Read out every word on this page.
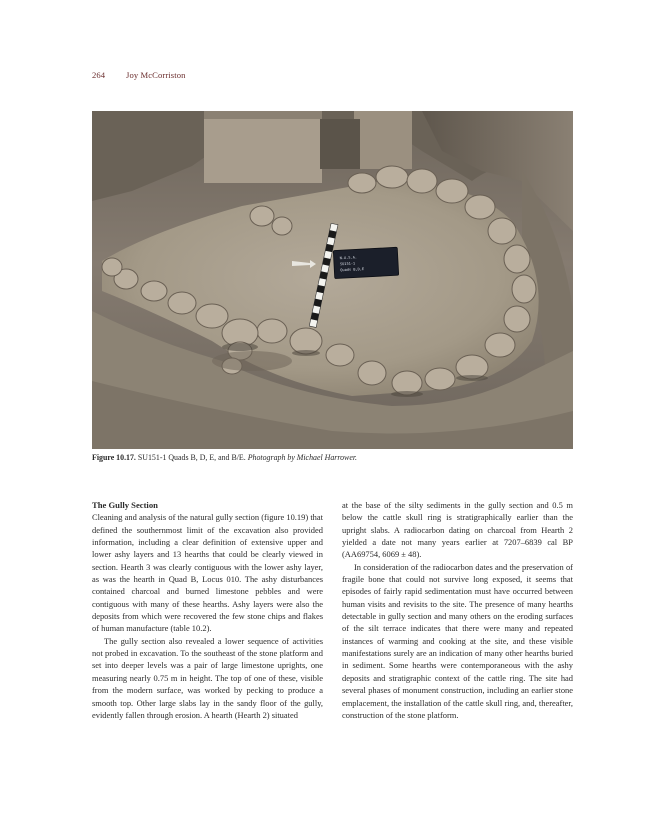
264 Joy McCorriston
N.A.S.A.
SU151-1
Quads B,D,E
Figure 10.17. SU151-1 Quads B, D, E, and B/E. Photograph by Michael Harrower.

The Gully Section

Cleaning and analysis of the natural gully section (figure 10.19) that defined the southernmost limit of the excavation also provided information, including a clear definition of extensive upper and lower ashy layers and 13 hearths that could be clearly viewed in section. Hearth 3 was clearly contiguous with the lower ashy layer, as was the hearth in Quad B, Locus 010. The ashy disturbances contained charcoal and burned limestone pebbles and were contiguous with many of these hearths. Ashy layers were also the deposits from which were recovered the few stone chips and flakes of human manufacture (table 10.2).

The gully section also revealed a lower sequence of activities not probed in excavation. To the southeast of the stone platform and set into deeper levels was a pair of large limestone uprights, one measuring nearly 0.75 m in height. The top of one of these, visible from the modern surface, was worked by pecking to produce a smooth top. Other large slabs lay in the sandy floor of the gully, evidently fallen through erosion. A hearth (Hearth 2) situated

at the base of the silty sediments in the gully section and 0.5 m below the cattle skull ring is stratigraphically earlier than the upright slabs. A radiocarbon dating on charcoal from Hearth 2 yielded a date not many years earlier at 7207–6839 cal BP (AA69754, 6069 ± 48).

In consideration of the radiocarbon dates and the preservation of fragile bone that could not survive long exposed, it seems that episodes of fairly rapid sedimentation must have occurred between human visits and revisits to the site. The presence of many hearths detectable in gully section and many others on the eroding surfaces of the silt terrace indicates that there were many and repeated instances of warming and cooking at the site, and these visible manifestations surely are an indication of many other hearths buried in sediment. Some hearths were contemporaneous with the ashy deposits and stratigraphic context of the cattle ring. The site had several phases of monument construction, including an earlier stone emplacement, the installation of the cattle skull ring, and, thereafter, construction of the stone platform.
